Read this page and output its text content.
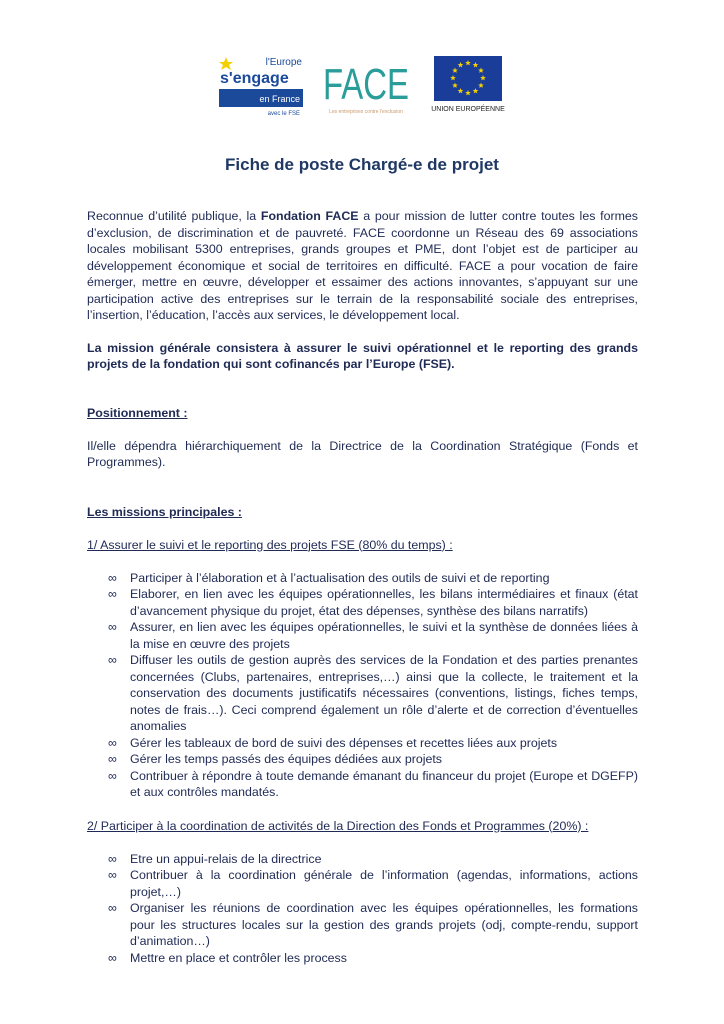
l'Europe
s'engage
en France
avec le FSE
FACE
Les entreprises contre l'exclusion	UNION EUROPÉENNE
Fiche de poste Chargé-e de projet
Reconnue d’utilité publique, la Fondation FACE a pour mission de lutter contre toutes les formes d’exclusion, de discrimination et de pauvreté. FACE coordonne un Réseau des 69 associations locales mobilisant 5300 entreprises, grands groupes et PME, dont l’objet est de participer au développement économique et social de territoires en difficulté. FACE a pour vocation de faire émerger, mettre en œuvre, développer et essaimer des actions innovantes, s’appuyant sur une participation active des entreprises sur le terrain de la responsabilité sociale des entreprises, l’insertion, l’éducation, l’accès aux services, le développement local.
La mission générale consistera à assurer le suivi opérationnel et le reporting des grands projets de la fondation qui sont cofinancés par l’Europe (FSE).
Positionnement :
Il/elle dépendra hiérarchiquement de la Directrice de la Coordination Stratégique (Fonds et Programmes).
Les missions principales :
1/ Assurer le suivi et le reporting des projets FSE (80% du temps) :
∞ Participer à l’élaboration et à l’actualisation des outils de suivi et de reporting
∞ Elaborer, en lien avec les équipes opérationnelles, les bilans intermédiaires et finaux (état d’avancement physique du projet, état des dépenses, synthèse des bilans narratifs)
∞ Assurer, en lien avec les équipes opérationnelles, le suivi et la synthèse de données liées à la mise en œuvre des projets
∞ Diffuser les outils de gestion auprès des services de la Fondation et des parties prenantes concernées (Clubs, partenaires, entreprises,…) ainsi que la collecte, le traitement et la conservation des documents justificatifs nécessaires (conventions, listings, fiches temps, notes de frais…). Ceci comprend également un rôle d’alerte et de correction d’éventuelles anomalies
∞ Gérer les tableaux de bord de suivi des dépenses et recettes liées aux projets
∞ Gérer les temps passés des équipes dédiées aux projets
∞ Contribuer à répondre à toute demande émanant du financeur du projet (Europe et DGEFP) et aux contrôles mandatés.
2/ Participer à la coordination de activités de la Direction des Fonds et Programmes (20%) :
∞ Etre un appui-relais de la directrice
∞ Contribuer à la coordination générale de l’information (agendas, informations, actions projet,…)
∞ Organiser les réunions de coordination avec les équipes opérationnelles, les formations pour les structures locales sur la gestion des grands projets (odj, compte-rendu, support d’animation…)
∞ Mettre en place et contrôler les process
